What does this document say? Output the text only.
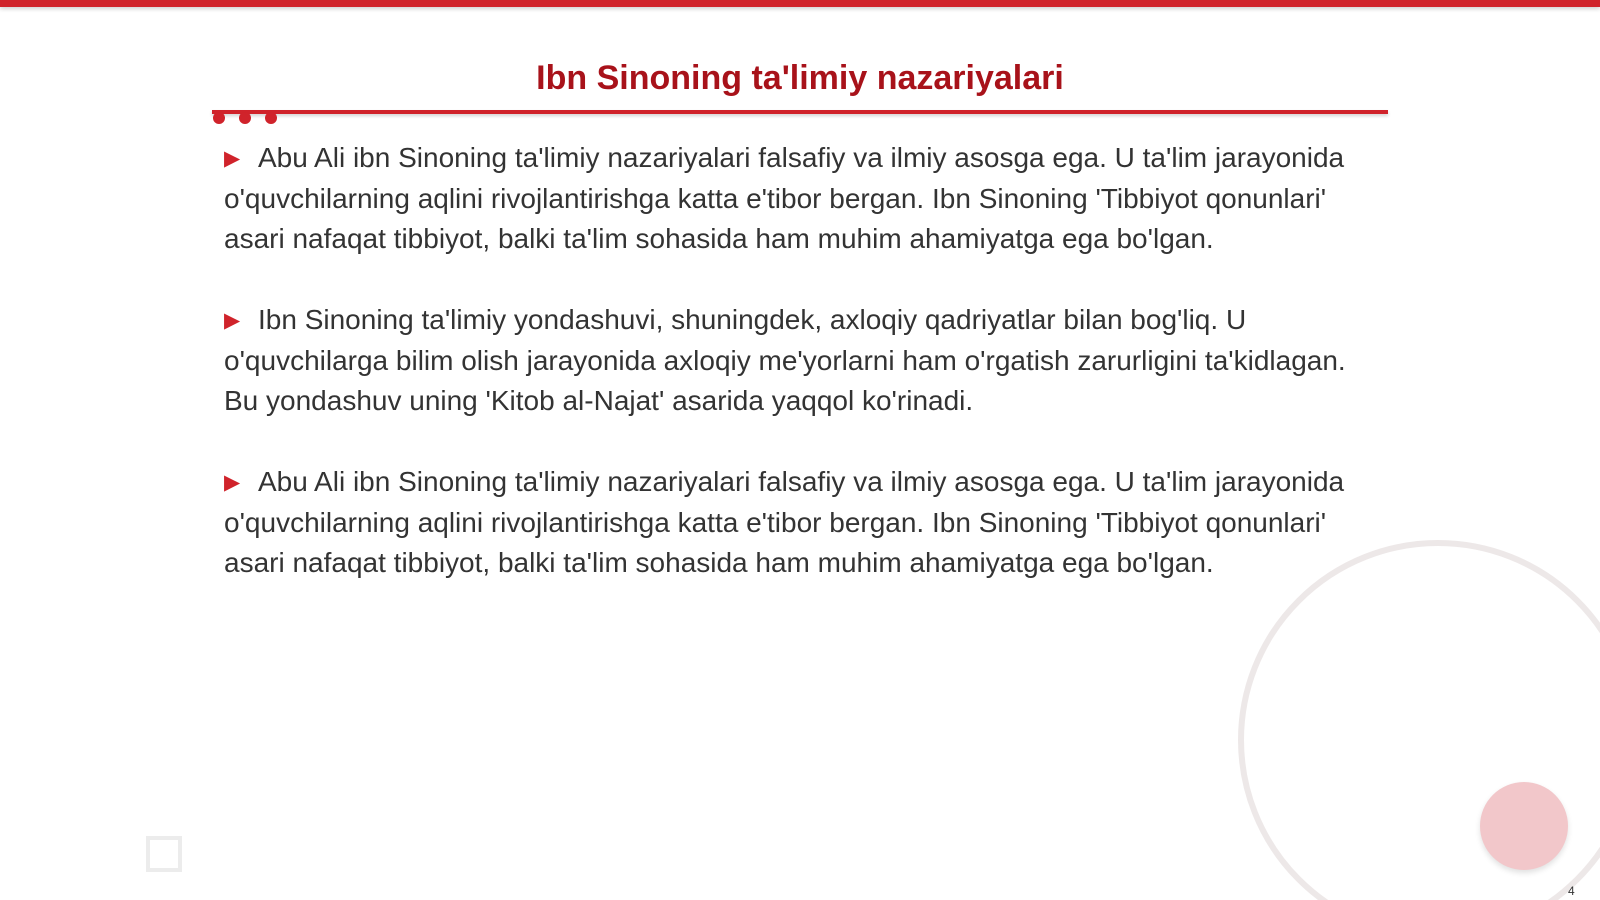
Ibn Sinoning ta'limiy nazariyalari

▶ Abu Ali ibn Sinoning ta'limiy nazariyalari falsafiy va ilmiy asosga ega. U ta'lim jarayonida o'quvchilarning aqlini rivojlantirishga katta e'tibor bergan. Ibn Sinoning 'Tibbiyot qonunlari' asari nafaqat tibbiyot, balki ta'lim sohasida ham muhim ahamiyatga ega bo'lgan.

▶ Ibn Sinoning ta'limiy yondashuvi, shuningdek, axloqiy qadriyatlar bilan bog'liq. U o'quvchilarga bilim olish jarayonida axloqiy me'yorlarni ham o'rgatish zarurligini ta'kidlagan. Bu yondashuv uning 'Kitob al-Najat' asarida yaqqol ko'rinadi.

▶ Abu Ali ibn Sinoning ta'limiy nazariyalari falsafiy va ilmiy asosga ega. U ta'lim jarayonida o'quvchilarning aqlini rivojlantirishga katta e'tibor bergan. Ibn Sinoning 'Tibbiyot qonunlari' asari nafaqat tibbiyot, balki ta'lim sohasida ham muhim ahamiyatga ega bo'lgan.

4
